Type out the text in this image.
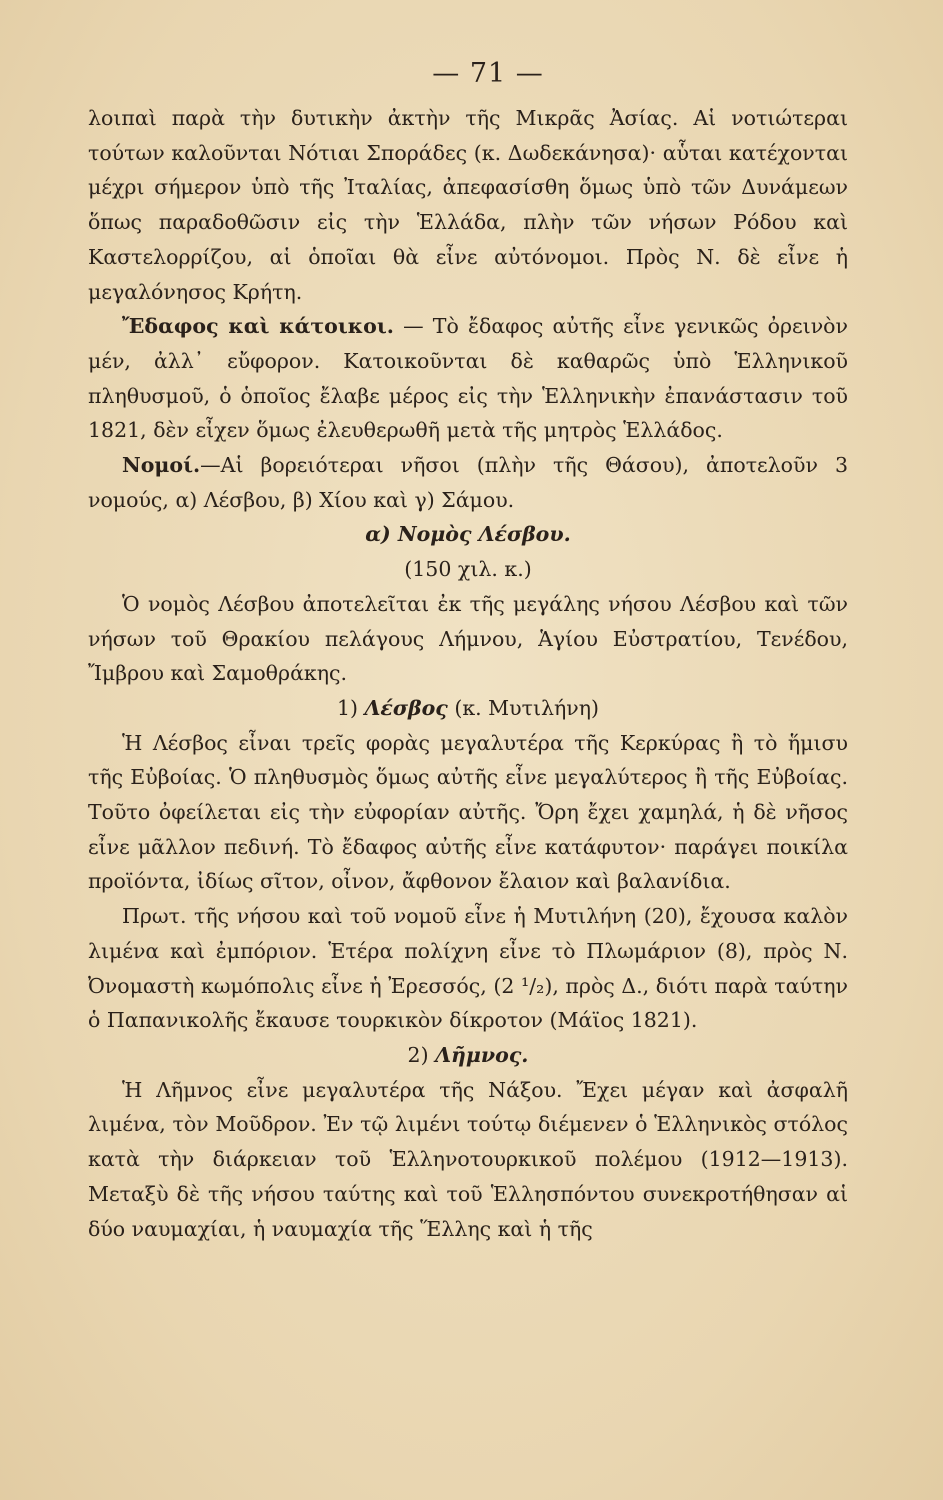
— 71 —

λοιπαὶ παρὰ τὴν δυτικὴν ἀκτὴν τῆς Μικρᾶς Ἀσίας. Αἱ νοτιώτεραι τούτων καλοῦνται Νότιαι Σποράδες (κ. Δωδεκάνησα)· αὗται κατέχονται μέχρι σήμερον ὑπὸ τῆς Ἰταλίας, ἀπεφασίσθη ὅμως ὑπὸ τῶν Δυνάμεων ὅπως παραδοθῶσιν εἰς τὴν Ἑλλάδα, πλὴν τῶν νήσων Ρόδου καὶ Καστελορρίζου, αἱ ὁποῖαι θὰ εἶνε αὐτόνομοι. Πρὸς Ν. δὲ εἶνε ἡ μεγαλόνησος Κρήτη.

Ἔδαφος καὶ κάτοικοι. — Τὸ ἔδαφος αὐτῆς εἶνε γενικῶς ὀρεινὸν μέν, ἀλλ᾽ εὔφορον. Κατοικοῦνται δὲ καθαρῶς ὑπὸ Ἑλληνικοῦ πληθυσμοῦ, ὁ ὁποῖος ἔλαβε μέρος εἰς τὴν Ἑλληνικὴν ἐπανάστασιν τοῦ 1821, δὲν εἶχεν ὅμως ἐλευθερωθῆ μετὰ τῆς μητρὸς Ἑλλάδος.

Νομοί.—Αἱ βορειότεραι νῆσοι (πλὴν τῆς Θάσου), ἀποτελοῦν 3 νομούς, α) Λέσβου, β) Χίου καὶ γ) Σάμου.

α) Νομὸς Λέσβου.

(150 χιλ. κ.)

Ὁ νομὸς Λέσβου ἀποτελεῖται ἐκ τῆς μεγάλης νήσου Λέσβου καὶ τῶν νήσων τοῦ Θρακίου πελάγους Λήμνου, Ἁγίου Εὐστρατίου, Τενέδου, Ἴμβρου καὶ Σαμοθράκης.

1) Λέσβος (κ. Μυτιλήνη)

Ἡ Λέσβος εἶναι τρεῖς φορὰς μεγαλυτέρα τῆς Κερκύρας ἢ τὸ ἥμισυ τῆς Εὐβοίας. Ὁ πληθυσμὸς ὅμως αὐτῆς εἶνε μεγαλύτερος ἢ τῆς Εὐβοίας. Τοῦτο ὀφείλεται εἰς τὴν εὐφορίαν αὐτῆς. Ὄρη ἔχει χαμηλά, ἡ δὲ νῆσος εἶνε μᾶλλον πεδινή. Τὸ ἔδαφος αὐτῆς εἶνε κατάφυτον· παράγει ποικίλα προϊόντα, ἰδίως σῖτον, οἶνον, ἄφθονον ἔλαιον καὶ βαλανίδια.

Πρωτ. τῆς νήσου καὶ τοῦ νομοῦ εἶνε ἡ Μυτιλήνη (20), ἔχουσα καλὸν λιμένα καὶ ἐμπόριον. Ἑτέρα πολίχνη εἶνε τὸ Πλωμάριον (8), πρὸς Ν. Ὀνομαστὴ κωμόπολις εἶνε ἡ Ἐρεσσός, (2 ¹/₂), πρὸς Δ., διότι παρὰ ταύτην ὁ Παπανικολῆς ἔκαυσε τουρκικὸν δίκροτον (Μάϊος 1821).

2) Λῆμνος.

Ἡ Λῆμνος εἶνε μεγαλυτέρα τῆς Νάξου. Ἔχει μέγαν καὶ ἀσφαλῆ λιμένα, τὸν Μοῦδρον. Ἐν τῷ λιμένι τούτῳ διέμενεν ὁ Ἑλληνικὸς στόλος κατὰ τὴν διάρκειαν τοῦ Ἑλληνοτουρκικοῦ πολέμου (1912—1913). Μεταξὺ δὲ τῆς νήσου ταύτης καὶ τοῦ Ἑλλησπόντου συνεκροτήθησαν αἱ δύο ναυμαχίαι, ἡ ναυμαχία τῆς Ἕλλης καὶ ἡ τῆς
